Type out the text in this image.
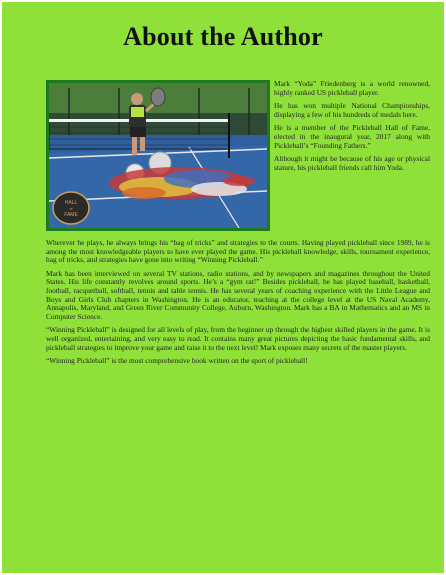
About the Author
HALL
of
FAME

Mark “Yoda” Friedenberg is a world renowned, highly ranked US pickleball player.

He has won multiple National Championships, displaying a few of his hundreds of medals here.

He is a member of the Pickleball Hall of Fame, elected in the inaugural year, 2017 along with Pickleball’s “Founding Fathers.”

Although it might be because of his age or physical stature, his pickleball friends call him Yoda.

Wherever he plays, he always brings his “bag of tricks” and strategies to the courts. Having played pickleball since 1989, he is among the most knowledgeable players to have ever played the game. His pickleball knowledge, skills, tournament experience, bag of tricks, and strategies have gone into writing “Winning Pickleball.”

Mark has been interviewed on several TV stations, radio stations, and by newspapers and magazines throughout the United States. His life constantly revolves around sports. He’s a “gym rat!” Besides pickleball, he has played baseball, basketball, football, racquetball, softball, tennis and table tennis. He has several years of coaching experience with the Little League and Boys and Girls Club chapters in Washington. He is an educator, teaching at the college level at the US Naval Academy, Annapolis, Maryland, and Green River Community College, Auburn, Washington. Mark has a BA in Mathematics and an MS in Computer Science.

“Winning Pickleball” is designed for all levels of play, from the beginner up through the highest skilled players in the game. It is well organized, entertaining, and very easy to read. It contains many great pictures depicting the basic fundamental skills, and pickleball strategies to improve your game and raise it to the next level! Mark exposes many secrets of the master players.

“Winning Pickleball” is the most comprehensive book written on the sport of pickleball!
